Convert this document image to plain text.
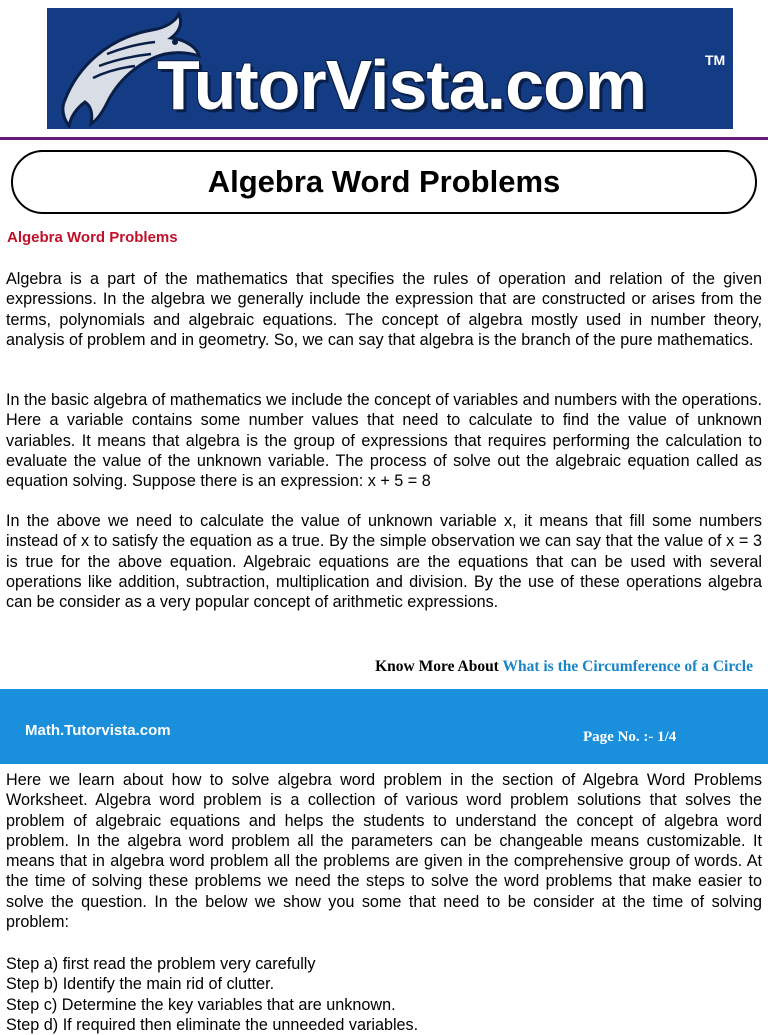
TutorVista.com	TM
Algebra Word Problems
Algebra Word Problems

Algebra is a part of the mathematics that specifies the rules of operation and relation of the given expressions. In the algebra we generally include the expression that are constructed or arises from the terms, polynomials and algebraic equations. The concept of algebra mostly used in number theory, analysis of problem and in geometry. So, we can say that algebra is the branch of the pure mathematics.

In the basic algebra of mathematics we include the concept of variables and numbers with the operations. Here a variable contains some number values that need to calculate to find the value of unknown variables. It means that algebra is the group of expressions that requires performing the calculation to evaluate the value of the unknown variable. The process of solve out the algebraic equation called as equation solving. Suppose there is an expression: x + 5 = 8

In the above we need to calculate the value of unknown variable x, it means that fill some numbers instead of x to satisfy the equation as a true. By the simple observation we can say that the value of x = 3 is true for the above equation. Algebraic equations are the equations that can be used with several operations like addition, subtraction, multiplication and division. By the use of these operations algebra can be consider as a very popular concept of arithmetic expressions.

Know More About What is the Circumference of a Circle
Math.Tutorvista.com	Page No. :- 1/4

Here we learn about how to solve algebra word problem in the section of Algebra Word Problems Worksheet. Algebra word problem is a collection of various word problem solutions that solves the problem of algebraic equations and helps the students to understand the concept of algebra word problem. In the algebra word problem all the parameters can be changeable means customizable. It means that in algebra word problem all the problems are given in the comprehensive group of words. At the time of solving these problems we need the steps to solve the word problems that make easier to solve the question. In the below we show you some that need to be consider at the time of solving problem:

Step a) first read the problem very carefully
Step b) Identify the main rid of clutter.
Step c) Determine the key variables that are unknown.
Step d) If required then eliminate the unneeded variables.
